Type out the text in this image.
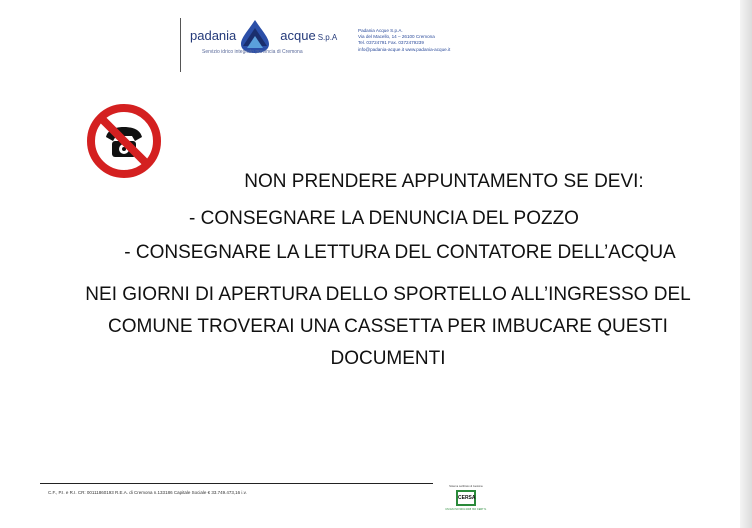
padania	acque S.p.A
Servizio idrico integrato provincia di Cremona
Padania Acque S.p.A.
Via del Macello, 14 – 26100 Cremona
Tel. 03724791 Fax. 0372479239
info@padania-acque.it www.padania-acque.it
NON PRENDERE APPUNTAMENTO SE DEVI:
- CONSEGNARE LA DENUNCIA DEL POZZO
- CONSEGNARE LA LETTURA DEL CONTATORE DELL’ACQUA
NEI GIORNI DI APERTURA DELLO SPORTELLO ALL’INGRESSO DEL
COMUNE TROVERAI UNA CASSETTA PER IMBUCARE QUESTI
DOCUMENTI
C.F., P.I. e R.I. CR: 00111860193 R.E.A. di Cremona n.133186 Capitale Sociale € 33.749.473,16 i.v.
Sistema certificato di Gestione
CERSA
UNI EN ISO 9001:2008 ISO CERT N.
